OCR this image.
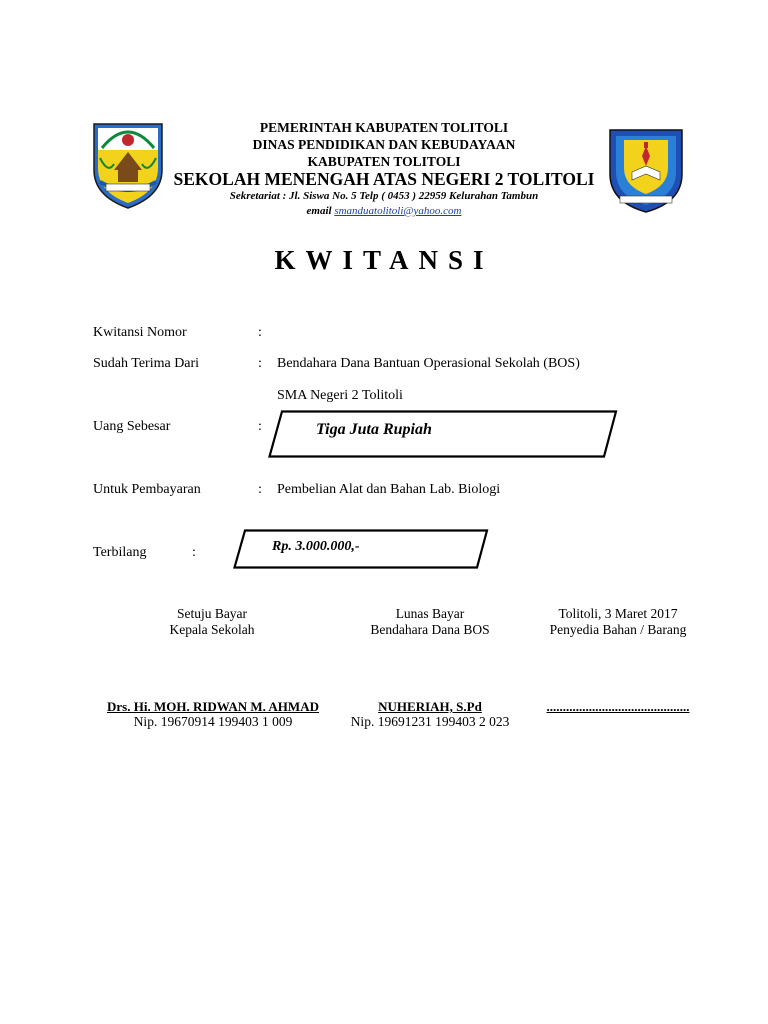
PEMERINTAH KABUPATEN TOLITOLI
DINAS PENDIDIKAN DAN KEBUDAYAAN
KABUPATEN TOLITOLI
SEKOLAH MENENGAH ATAS NEGERI 2 TOLITOLI
Sekretariat : Jl. Siswa No. 5 Telp ( 0453 ) 22959 Kelurahan Tambun
email smanduatolitoli@yahoo.com
KWITANSI
Kwitansi Nomor	:
Sudah Terima Dari	: Bendahara Dana Bantuan Operasional Sekolah (BOS)
SMA Negeri 2 Tolitoli
Uang Sebesar	:	Tiga Juta Rupiah
Untuk Pembayaran	: Pembelian Alat dan Bahan Lab. Biologi
Terbilang	:	Rp. 3.000.000,-
Setuju Bayar
Kepala Sekolah
Lunas Bayar
Bendahara Dana BOS
Tolitoli, 3 Maret 2017
Penyedia Bahan / Barang
Drs. Hi. MOH. RIDWAN M. AHMAD
Nip. 19670914 199403 1 009
NUHERIAH, S.Pd
Nip. 19691231 199403 2 023
............................................
